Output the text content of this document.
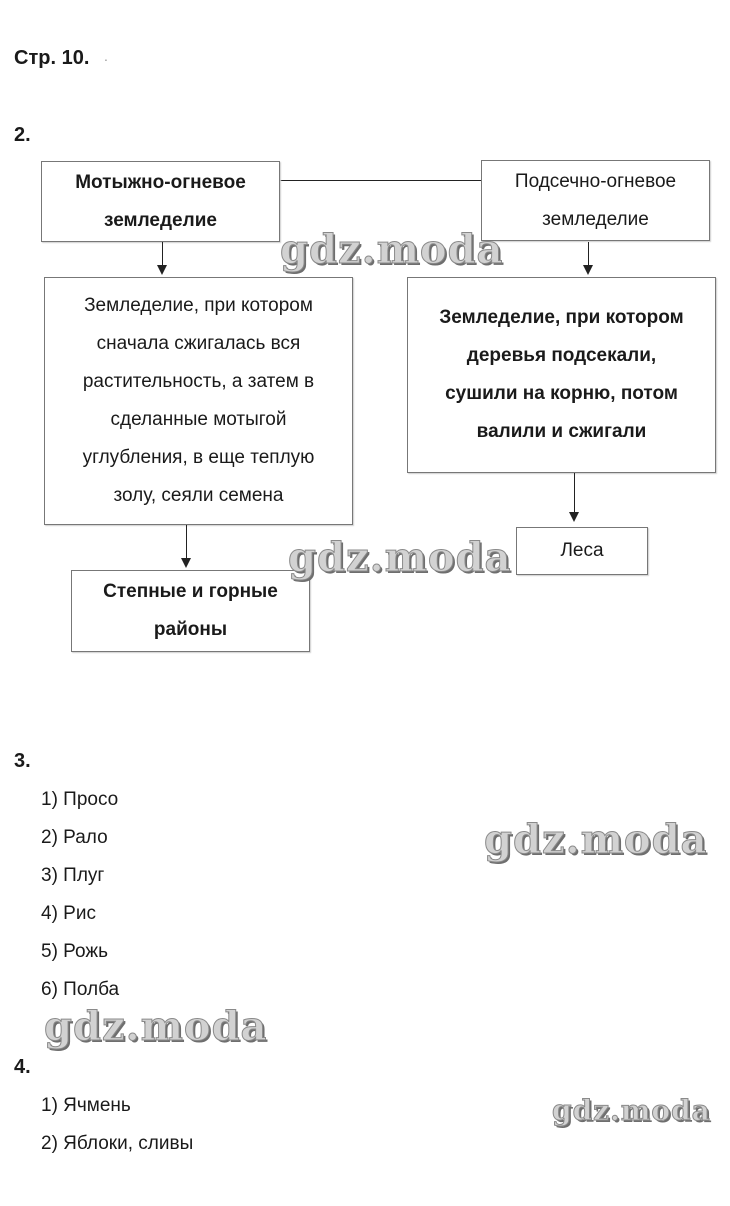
Стр. 10. .
2.
Мотыжно-огневое земледелие
Подсечно-огневое земледелие
Земледелие, при котором сначала сжигалась вся растительность, а затем в сделанные мотыгой углубления, в еще теплую золу, сеяли семена
Земледелие, при котором деревья подсекали, сушили на корню, потом валили и сжигали
Леса
Степные и горные районы
3.
1) Просо
2) Рало
3) Плуг
4) Рис
5) Рожь
6) Полба
4.
1) Ячмень
2) Яблоки, сливы
gdz.moda
gdz.moda
gdz.moda
gdz.moda
gdz.moda
